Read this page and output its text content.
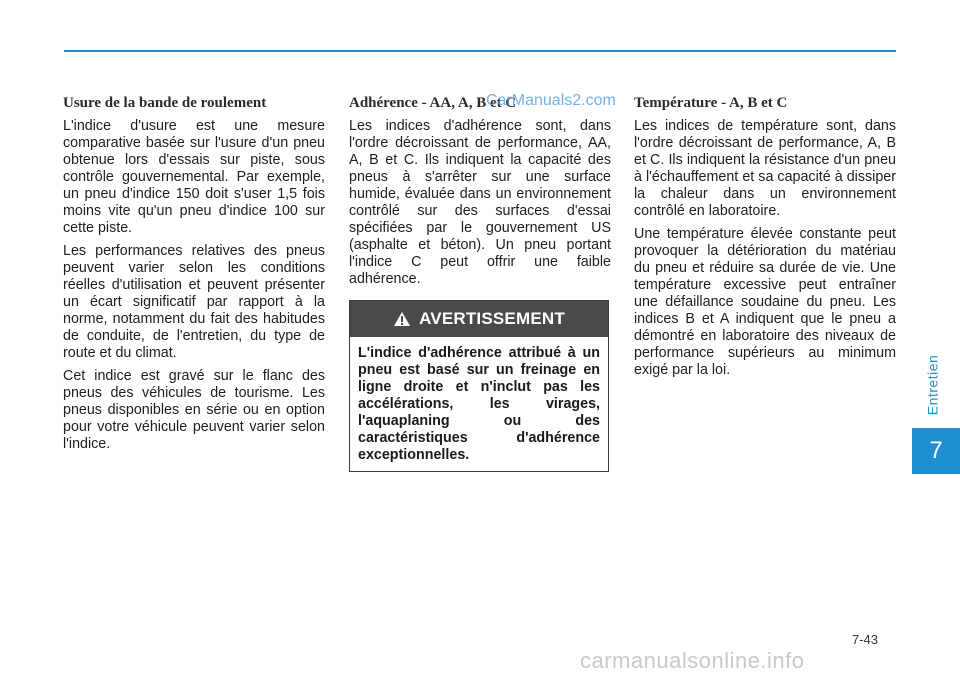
Usure de la bande de roulement

L'indice d'usure est une mesure comparative basée sur l'usure d'un pneu obtenue lors d'essais sur piste, sous contrôle gouvernemental. Par exemple, un pneu d'indice 150 doit s'user 1,5 fois moins vite qu'un pneu d'indice 100 sur cette piste.

Les performances relatives des pneus peuvent varier selon les conditions réelles d'utilisation et peuvent présenter un écart significatif par rapport à la norme, notamment du fait des habitudes de conduite, de l'entretien, du type de route et du climat.

Cet indice est gravé sur le flanc des pneus des véhicules de tourisme. Les pneus disponibles en série ou en option pour votre véhicule peuvent varier selon l'indice.

Adhérence - AA, A, B et C

Les indices d'adhérence sont, dans l'ordre décroissant de performance, AA, A, B et C. Ils indiquent la capacité des pneus à s'arrêter sur une surface humide, évaluée dans un environnement contrôlé sur des surfaces d'essai spécifiées par le gouvernement US (asphalte et béton). Un pneu portant l'indice C peut offrir une faible adhérence.

AVERTISSEMENT
L'indice d'adhérence attribué à un pneu est basé sur un freinage en ligne droite et n'inclut pas les accélérations, les virages, l'aquaplaning ou des caractéristiques d'adhérence exceptionnelles.
Température - A, B et C

Les indices de température sont, dans l'ordre décroissant de performance, A, B et C. Ils indiquent la résistance d'un pneu à l'échauffement et sa capacité à dissiper la chaleur dans un environnement contrôlé en laboratoire.

Une température élevée constante peut provoquer la détérioration du matériau du pneu et réduire sa durée de vie. Une température excessive peut entraîner une défaillance soudaine du pneu. Les indices B et A indiquent que le pneu a démontré en laboratoire des niveaux de performance supérieurs au minimum exigé par la loi.

CarManuals2.com
Entretien
7
7-43
carmanualsonline.info
